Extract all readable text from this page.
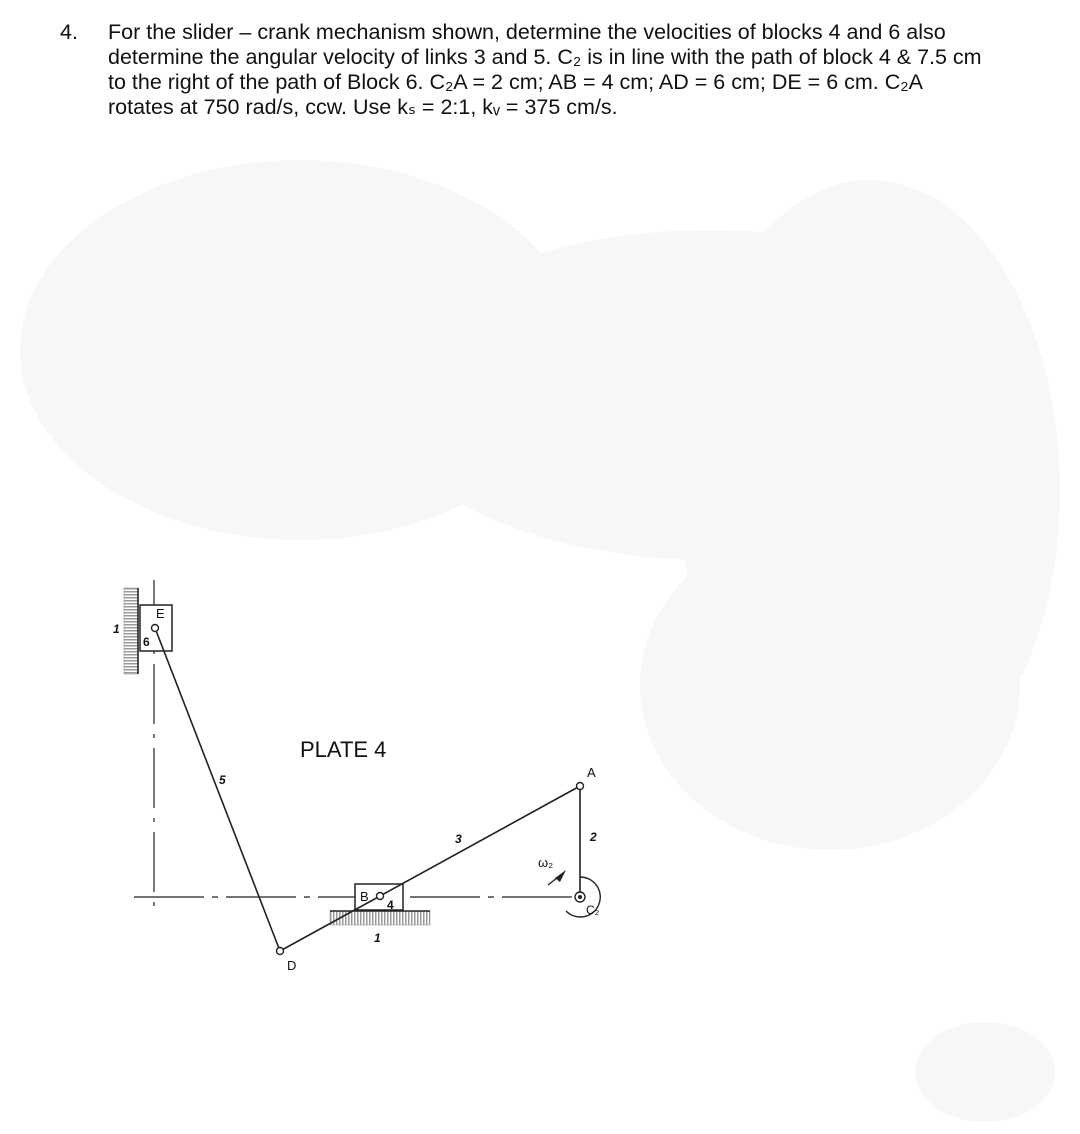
4. For the slider – crank mechanism shown, determine the velocities of blocks 4 and 6 also
determine the angular velocity of links 3 and 5. C₂ is in line with the path of block 4 & 7.5 cm
to the right of the path of Block 6. C₂A = 2 cm; AB = 4 cm; AD = 6 cm; DE = 6 cm. C₂A
rotates at 750 rad/s, ccw. Use kₛ = 2:1, kᵥ = 375 cm/s.
PLATE 4
1
6
E
5
D
B
4
1
3
A
2
ω₂
C₂
